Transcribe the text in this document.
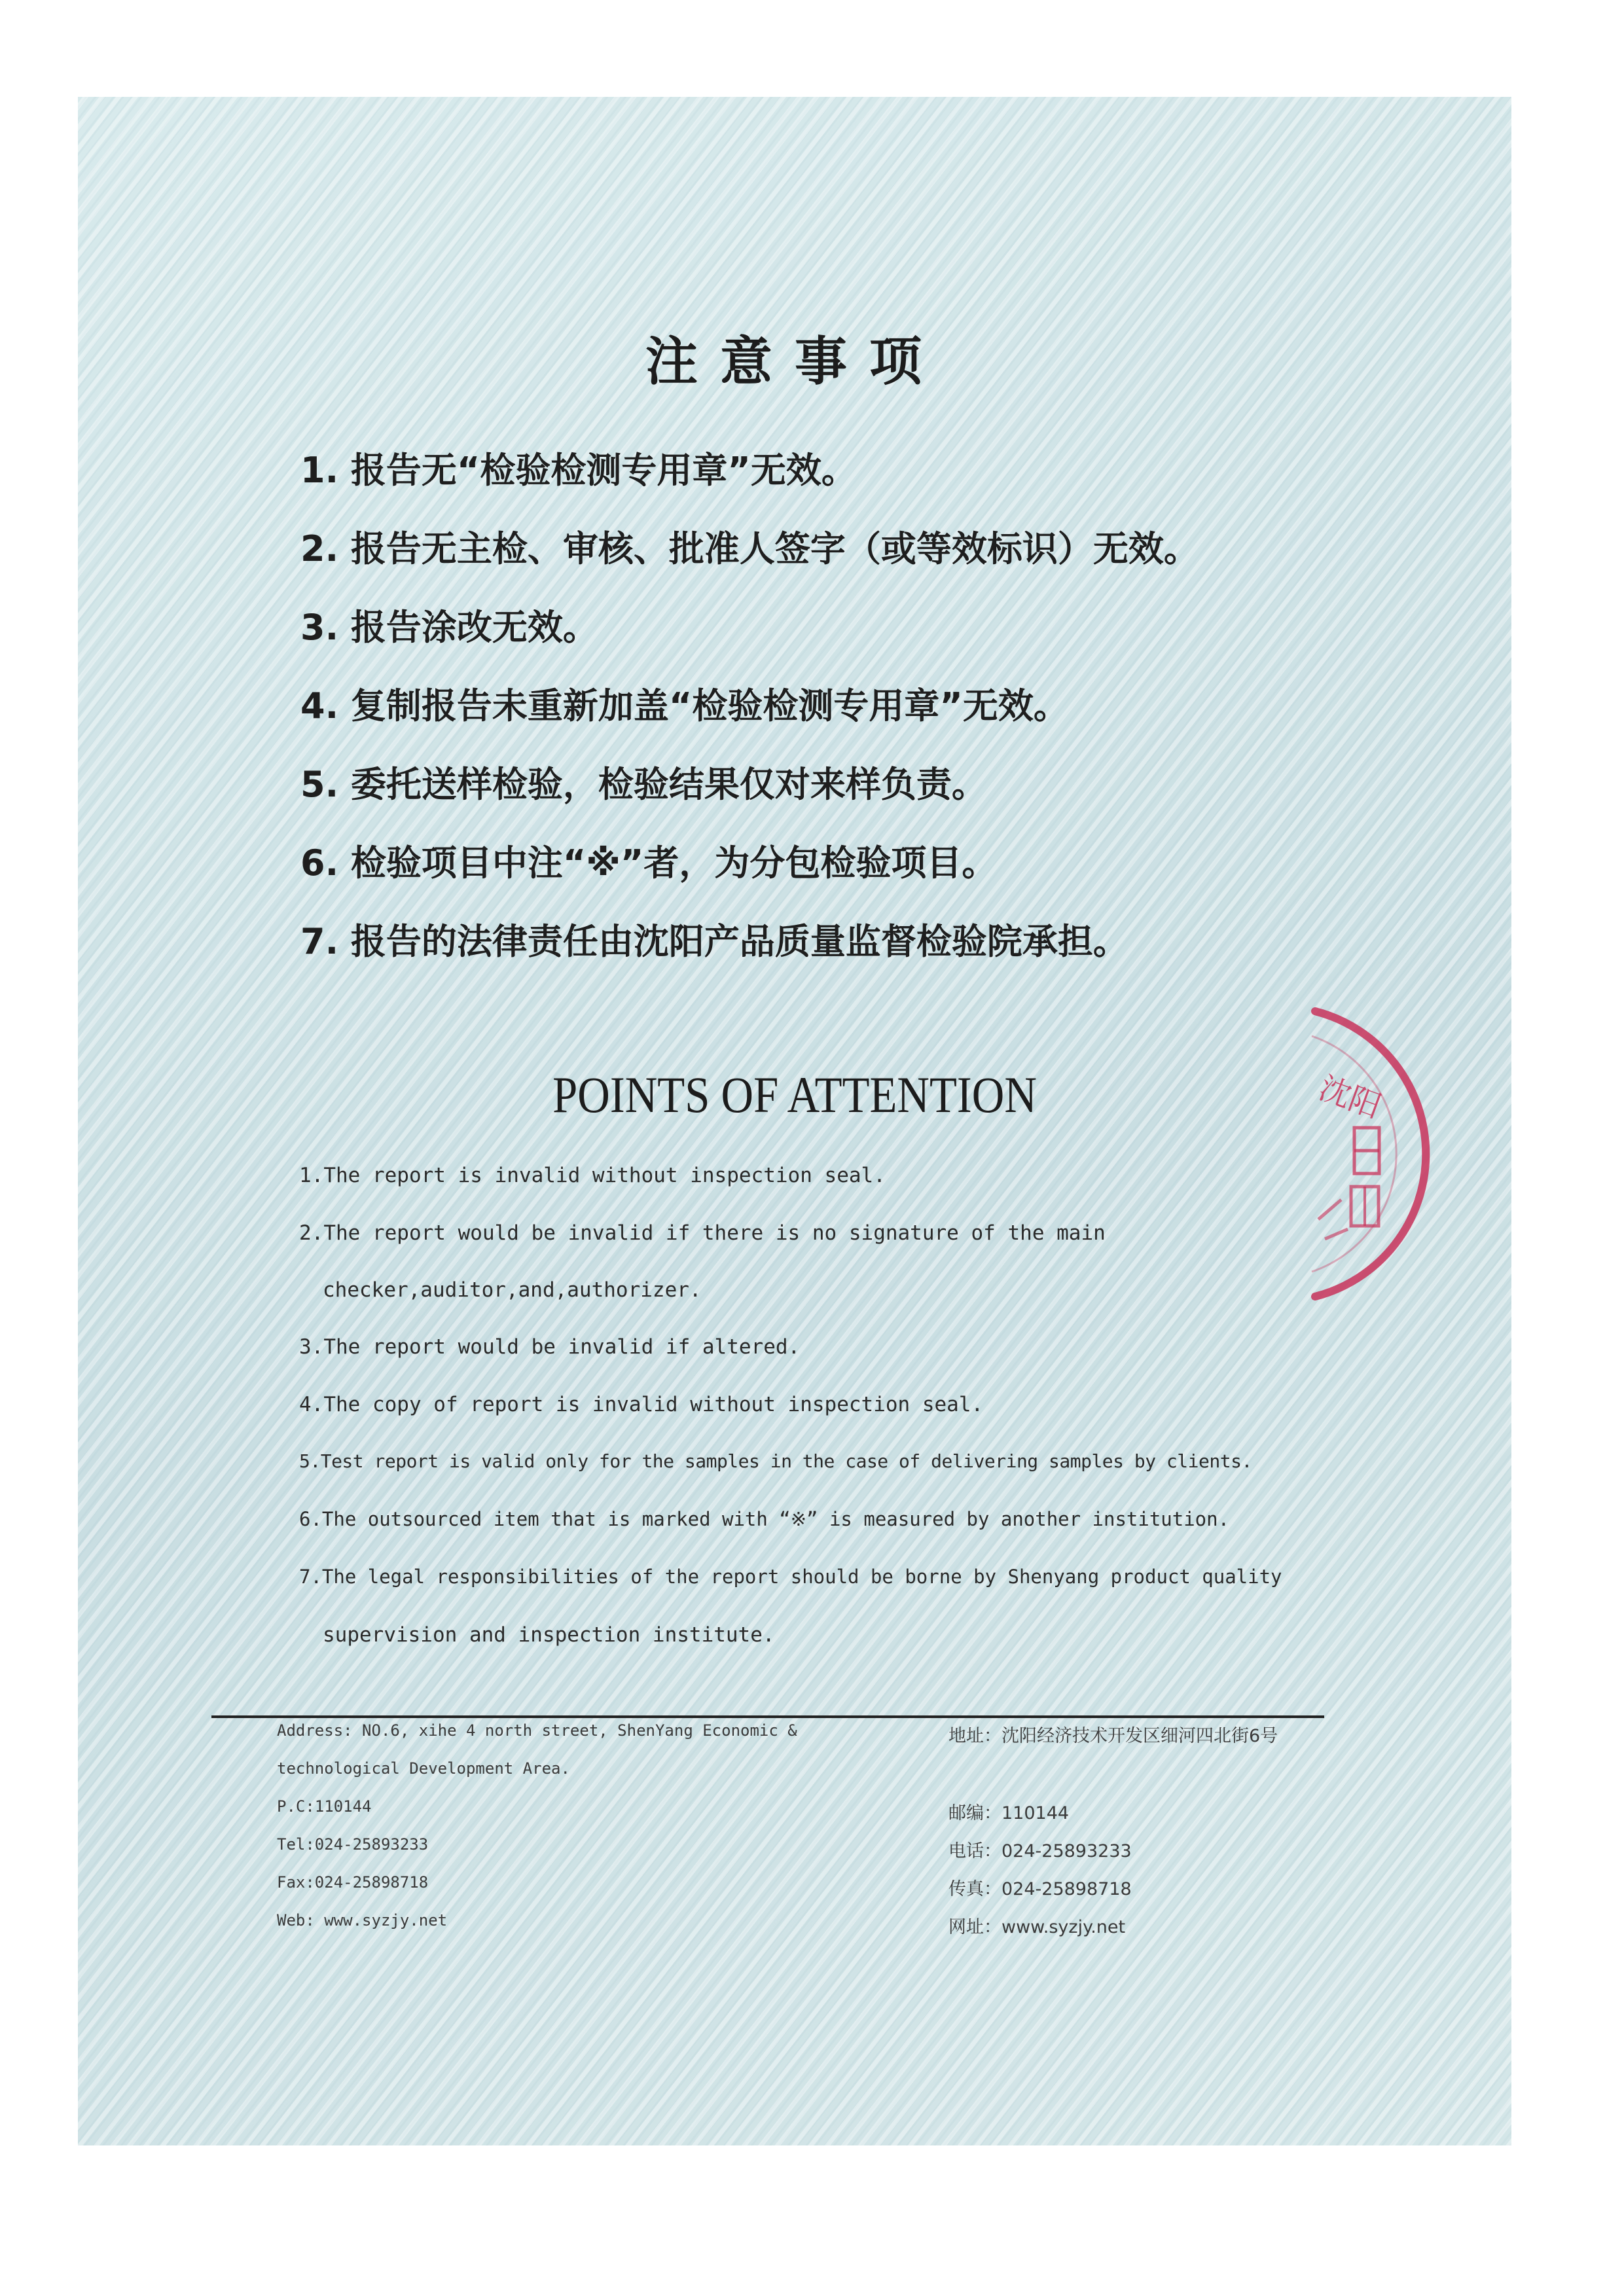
注意事项
1. 报告无“检验检测专用章”无效。
2. 报告无主检、审核、批准人签字（或等效标识）无效。
3. 报告涂改无效。
4. 复制报告未重新加盖“检验检测专用章”无效。
5. 委托送样检验，检验结果仅对来样负责。
6. 检验项目中注“※”者，为分包检验项目。
7. 报告的法律责任由沈阳产品质量监督检验院承担。
POINTS OF ATTENTION
1.The report is invalid without inspection seal.
2.The report would be invalid if there is no signature of the main
checker,auditor,and,authorizer.
3.The report would be invalid if altered.
4.The copy of report is invalid without inspection seal.
5.Test report is valid only for the samples in the case of delivering samples by clients.
6.The outsourced item that is marked with “※” is measured by another institution.
7.The legal responsibilities of the report should be borne by Shenyang product quality
supervision and inspection institute.
Address: NO.6, xihe 4 north street, ShenYang Economic &
technological Development Area.
P.C:110144
Tel:024-25893233
Fax:024-25898718
Web: www.syzjy.net
地址：沈阳经济技术开发区细河四北街6号
邮编：110144
电话：024-25893233
传真：024-25898718
网址：www.syzjy.net
沈阳
